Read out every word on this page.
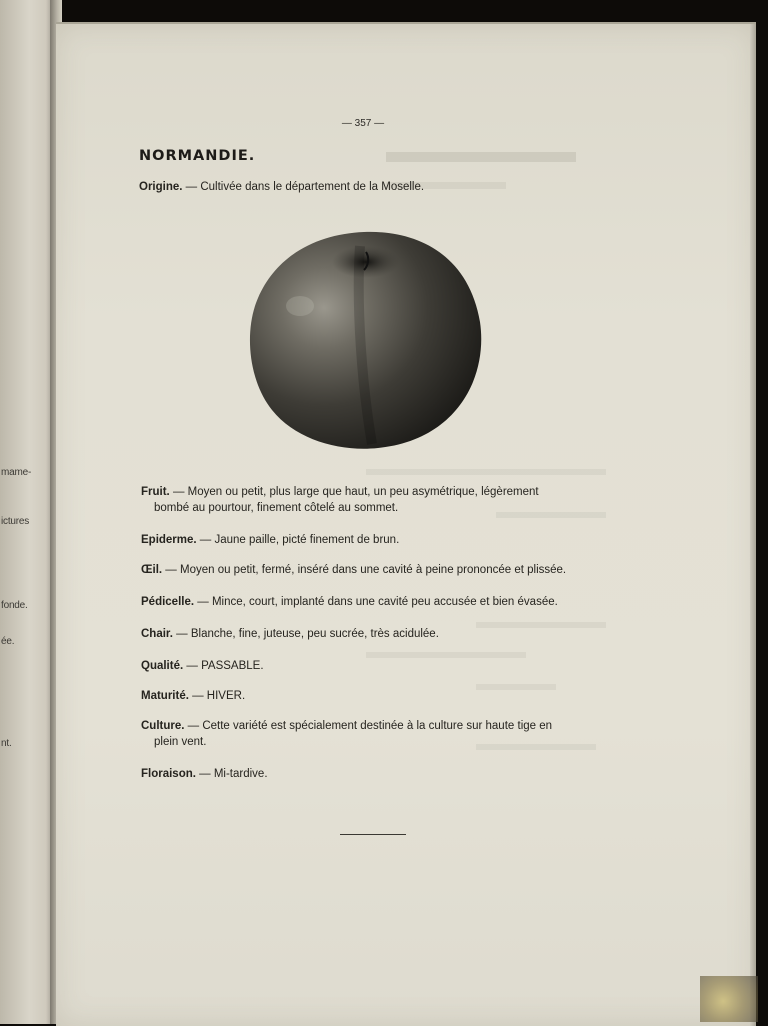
mame-
ictures
fonde.
ée.
nt.
— 357 —
NORMANDIE.
Origine. — Cultivée dans le département de la Moselle.
Fruit. — Moyen ou petit, plus large que haut, un peu asymétrique, légèrement
bombé au pourtour, finement côtelé au sommet.
Epiderme. — Jaune paille, picté finement de brun.
Œil. — Moyen ou petit, fermé, inséré dans une cavité à peine prononcée et plissée.
Pédicelle. — Mince, court, implanté dans une cavité peu accusée et bien évasée.
Chair. — Blanche, fine, juteuse, peu sucrée, très acidulée.
Qualité. — PASSABLE.
Maturité. — HIVER.
Culture. — Cette variété est spécialement destinée à la culture sur haute tige en
plein vent.
Floraison. — Mi-tardive.
